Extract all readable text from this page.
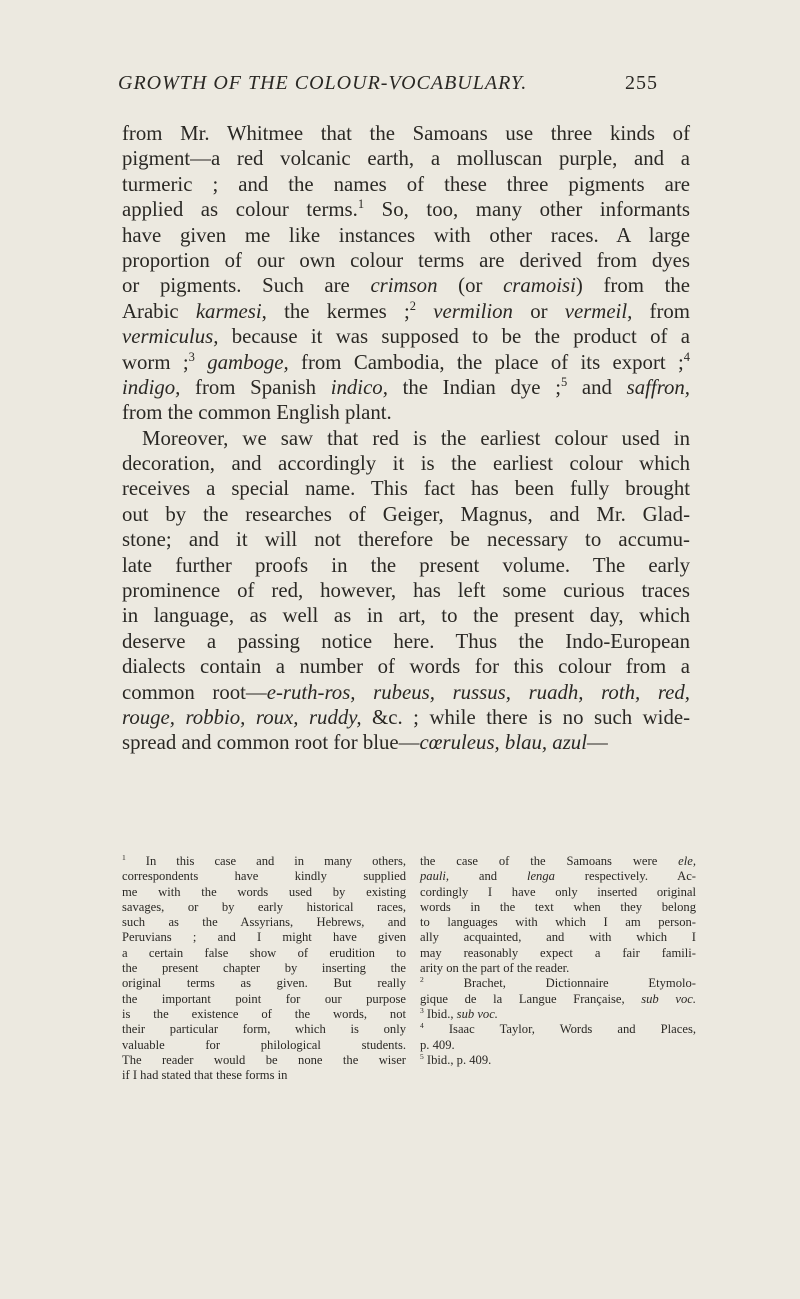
GROWTH OF THE COLOUR-VOCABULARY.	255
from Mr. Whitmee that the Samoans use three kinds of
pigment—a red volcanic earth, a molluscan purple, and a
turmeric ; and the names of these three pigments are
applied as colour terms.$^1$ So, too, many other informants
have given me like instances with other races. A large
proportion of our own colour terms are derived from dyes
or pigments. Such are crimson (or cramoisi) from the
Arabic karmesi, the kermes ;$^2$ vermilion or vermeil, from
vermiculus, because it was supposed to be the product of a
worm ;$^3$ gamboge, from Cambodia, the place of its export ;$^4$
indigo, from Spanish indico, the Indian dye ;$^5$ and saffron,
from the common English plant.
Moreover, we saw that red is the earliest colour used in
decoration, and accordingly it is the earliest colour which
receives a special name. This fact has been fully brought
out by the researches of Geiger, Magnus, and Mr. Glad-
stone; and it will not therefore be necessary to accumu-
late further proofs in the present volume. The early
prominence of red, however, has left some curious traces
in language, as well as in art, to the present day, which
deserve a passing notice here. Thus the Indo-European
dialects contain a number of words for this colour from a
common root—e-ruth-ros, rubeus, russus, ruadh, roth, red,
rouge, robbio, roux, ruddy, &c. ; while there is no such wide-
spread and common root for blue—cœruleus, blau, azul—
$^1$ In this case and in many others,
correspondents have kindly supplied
me with the words used by existing
savages, or by early historical races,
such as the Assyrians, Hebrews, and
Peruvians ; and I might have given
a certain false show of erudition to
the present chapter by inserting the
original terms as given. But really
the important point for our purpose
is the existence of the words, not
their particular form, which is only
valuable for philological students.
The reader would be none the wiser
if I had stated that these forms in
the case of the Samoans were ele,
pauli, and lenga respectively. Ac-
cordingly I have only inserted original
words in the text when they belong
to languages with which I am person-
ally acquainted, and with which I
may reasonably expect a fair famili-
arity on the part of the reader.
$^2$ Brachet, Dictionnaire Etymolo-
gique de la Langue Française, sub voc.
$^3$ Ibid., sub voc.
$^4$ Isaac Taylor, Words and Places,
p. 409.
$^5$ Ibid., p. 409.
